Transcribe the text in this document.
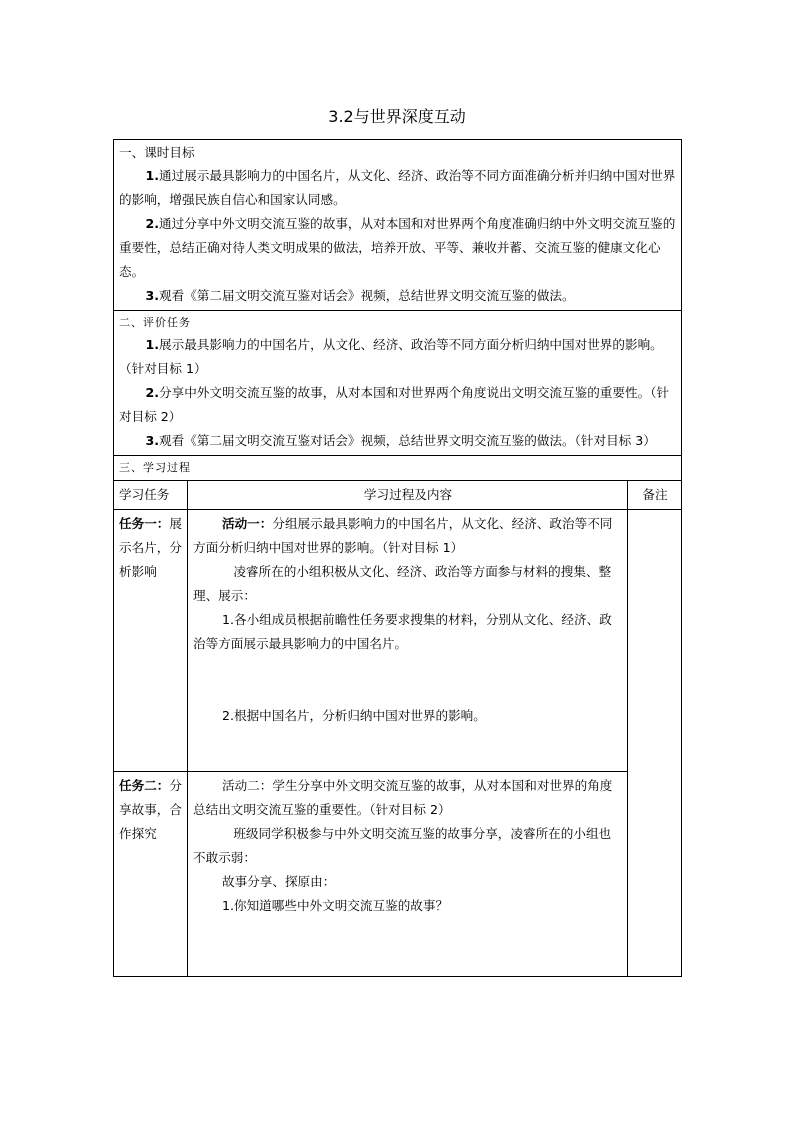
3.2与世界深度互动
一、课时目标
1.通过展示最具影响力的中国名片，从文化、经济、政治等不同方面准确分析并归纳中国对世界的影响，增强民族自信心和国家认同感。
2.通过分享中外文明交流互鉴的故事，从对本国和对世界两个角度准确归纳中外文明交流互鉴的重要性，总结正确对待人类文明成果的做法，培养开放、平等、兼收并蓄、交流互鉴的健康文化心态。
3.观看《第二届文明交流互鉴对话会》视频，总结世界文明交流互鉴的做法。		

二、评价任务
1.展示最具影响力的中国名片，从文化、经济、政治等不同方面分析归纳中国对世界的影响。（针对目标 1）
2.分享中外文明交流互鉴的故事，从对本国和对世界两个角度说出文明交流互鉴的重要性。（针对目标 2）
3.观看《第二届文明交流互鉴对话会》视频，总结世界文明交流互鉴的做法。（针对目标 3）		

三、学习过程		

学习任务	学习过程及内容	备注
任务一：展示名片，分析影响	活动一：分组展示最具影响力的中国名片，从文化、经济、政治等不同方面分析归纳中国对世界的影响。（针对目标 1）
凌睿所在的小组积极从文化、经济、政治等方面参与材料的搜集、整理、展示：
1.各小组成员根据前瞻性任务要求搜集的材料，分别从文化、经济、政治等方面展示最具影响力的中国名片。
2.根据中国名片，分析归纳中国对世界的影响。	

任务二：分享故事，合作探究	活动二：学生分享中外文明交流互鉴的故事，从对本国和对世界的角度总结出文明交流互鉴的重要性。（针对目标 2）
班级同学积极参与中外文明交流互鉴的故事分享，凌睿所在的小组也不敢示弱：
故事分享、探原由：
1.你知道哪些中外文明交流互鉴的故事？	
